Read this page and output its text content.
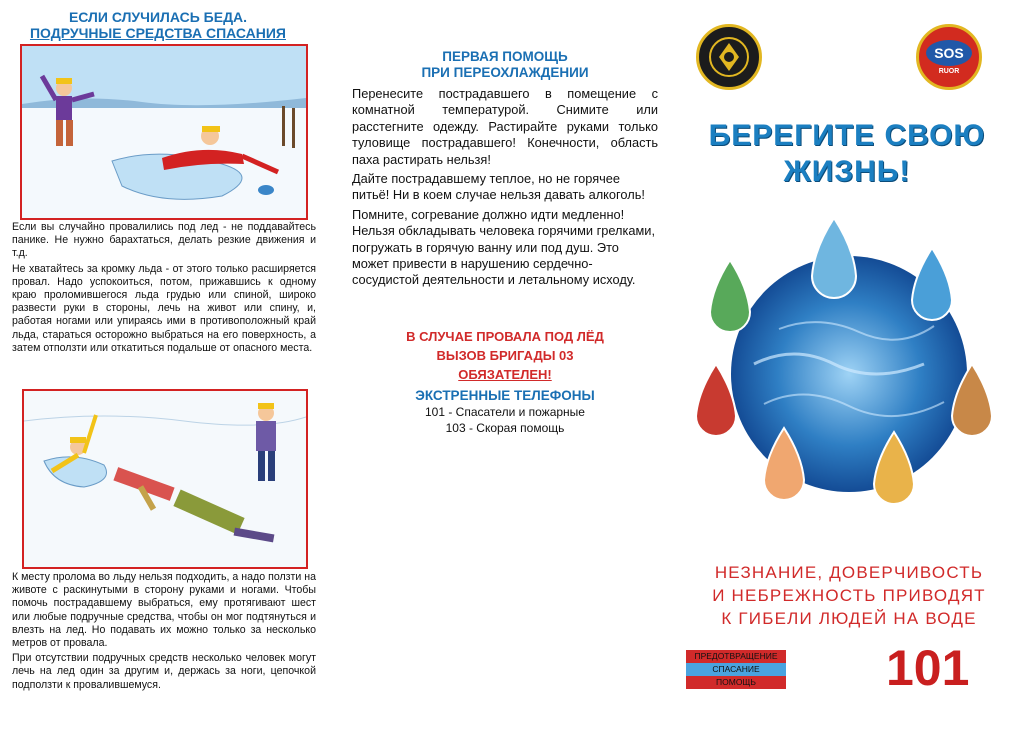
ЕСЛИ СЛУЧИЛАСЬ БЕДА.
ПОДРУЧНЫЕ СРЕДСТВА СПАСАНИЯ

Если вы случайно провалились под лед - не поддавайтесь панике. Не нужно барахтаться, делать резкие движения и т.д.

Не хватайтесь за кромку льда - от этого только расширяется провал. Надо успокоиться, потом, прижавшись к одному краю проломившегося льда грудью или спиной, широко развести руки в стороны, лечь на живот или спину, и, работая ногами или упираясь ими в противоположный край льда, стараться осторожно выбраться на его поверхность, а затем отползти или откатиться подальше от опасного места.

К месту пролома во льду нельзя подходить, а надо ползти на животе с раскинутыми в сторону руками и ногами. Чтобы помочь пострадавшему выбраться, ему протягивают шест или любые подручные средства, чтобы он мог подтянуться и влезть на лед. Но подавать их можно только за несколько метров от провала.

При отсутствии подручных средств несколько человек могут лечь на лед один за другим и, держась за ноги, цепочкой подползти к провалившемуся.

ПЕРВАЯ ПОМОЩЬ
ПРИ ПЕРЕОХЛАЖДЕНИИ

Перенесите пострадавшего в помещение с комнатной температурой. Снимите или расстегните одежду. Растирайте руками только туловище пострадавшего! Конечности, область паха растирать нельзя!

Дайте пострадавшему теплое, но не горячее питьё! Ни в коем случае нельзя давать алкоголь!

Помните, согревание должно идти медленно! Нельзя обкладывать человека горячими грелками, погружать в горячую ванну или под душ. Это может привести в нарушению сердечно-сосудистой деятельности и летальному исходу.

В СЛУЧАЕ ПРОВАЛА ПОД ЛЁД
ВЫЗОВ БРИГАДЫ 03
ОБЯЗАТЕЛЕН!
ЭКСТРЕННЫЕ ТЕЛЕФОНЫ
101 - Спасатели и пожарные
103 - Скорая помощь
SOS
RUOR
БЕРЕГИТЕ СВОЮ
ЖИЗНЬ!
НЕЗНАНИЕ, ДОВЕРЧИВОСТЬ
И НЕБРЕЖНОСТЬ ПРИВОДЯТ
К ГИБЕЛИ ЛЮДЕЙ НА ВОДЕ
ПРЕДОТВРАЩЕНИЕ
СПАСАНИЕ
ПОМОЩЬ	101
